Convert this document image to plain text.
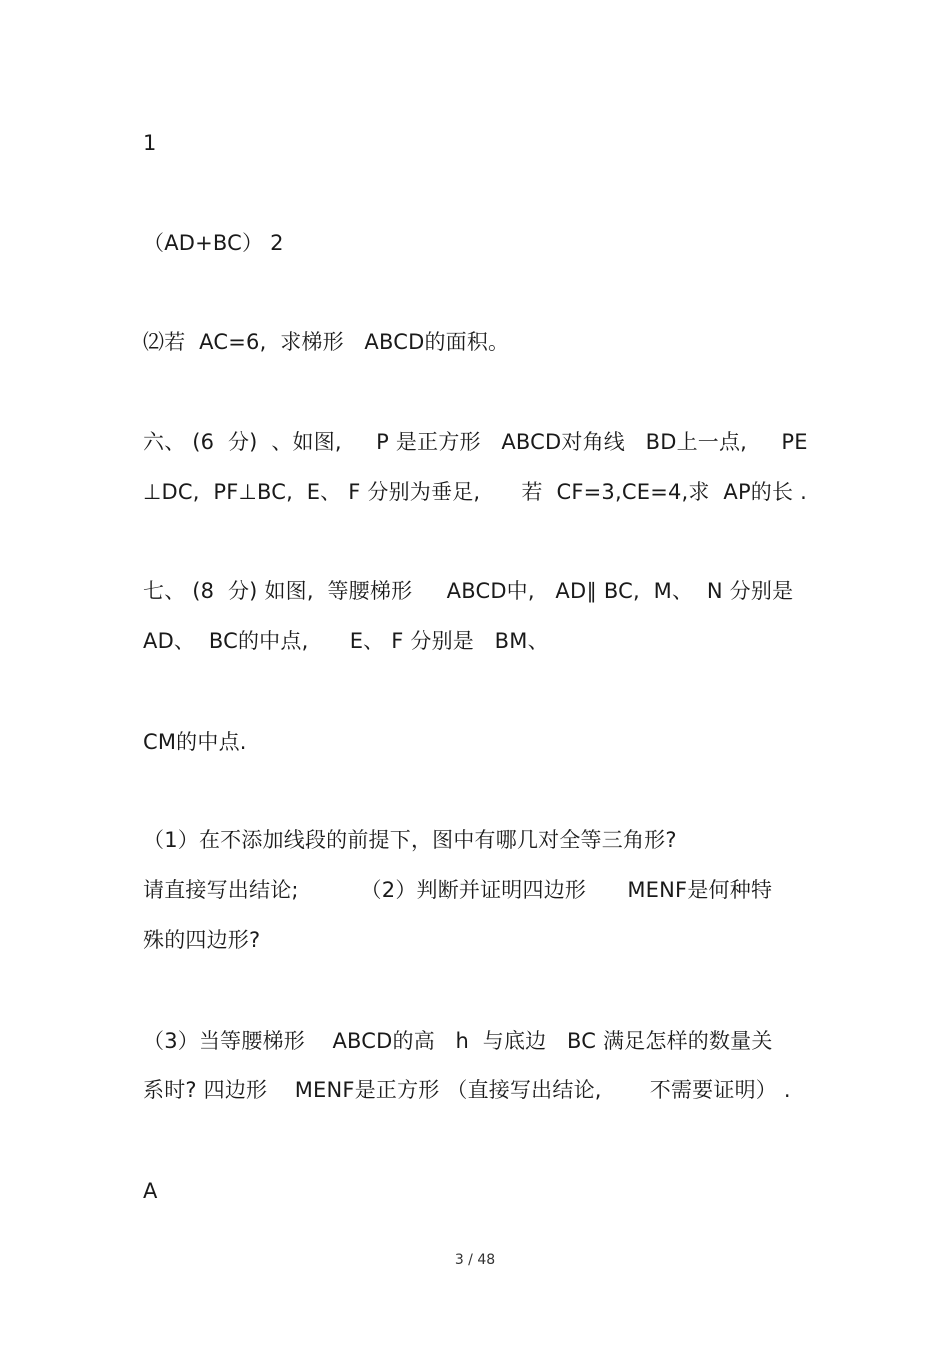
1
（AD+BC） 2
⑵若  AC=6,  求梯形   ABCD的面积。
六、 (6  分)  、如图,     P 是正方形   ABCD对角线   BD上一点,     PE
⊥DC,  PF⊥BC,  E、 F 分别为垂足,      若  CF=3,CE=4,求  AP的长 .
七、 (8  分) 如图,  等腰梯形     ABCD中,   AD∥ BC,  M、  N 分别是
AD、  BC的中点,      E、 F 分别是   BM、
CM的中点.
（1）在不添加线段的前提下，图中有哪几对全等三角形?
请直接写出结论;         （2）判断并证明四边形      MENF是何种特
殊的四边形?
（3）当等腰梯形    ABCD的高   h  与底边   BC 满足怎样的数量关
系时? 四边形    MENF是正方形 （直接写出结论,       不需要证明） .
A
3 / 48
